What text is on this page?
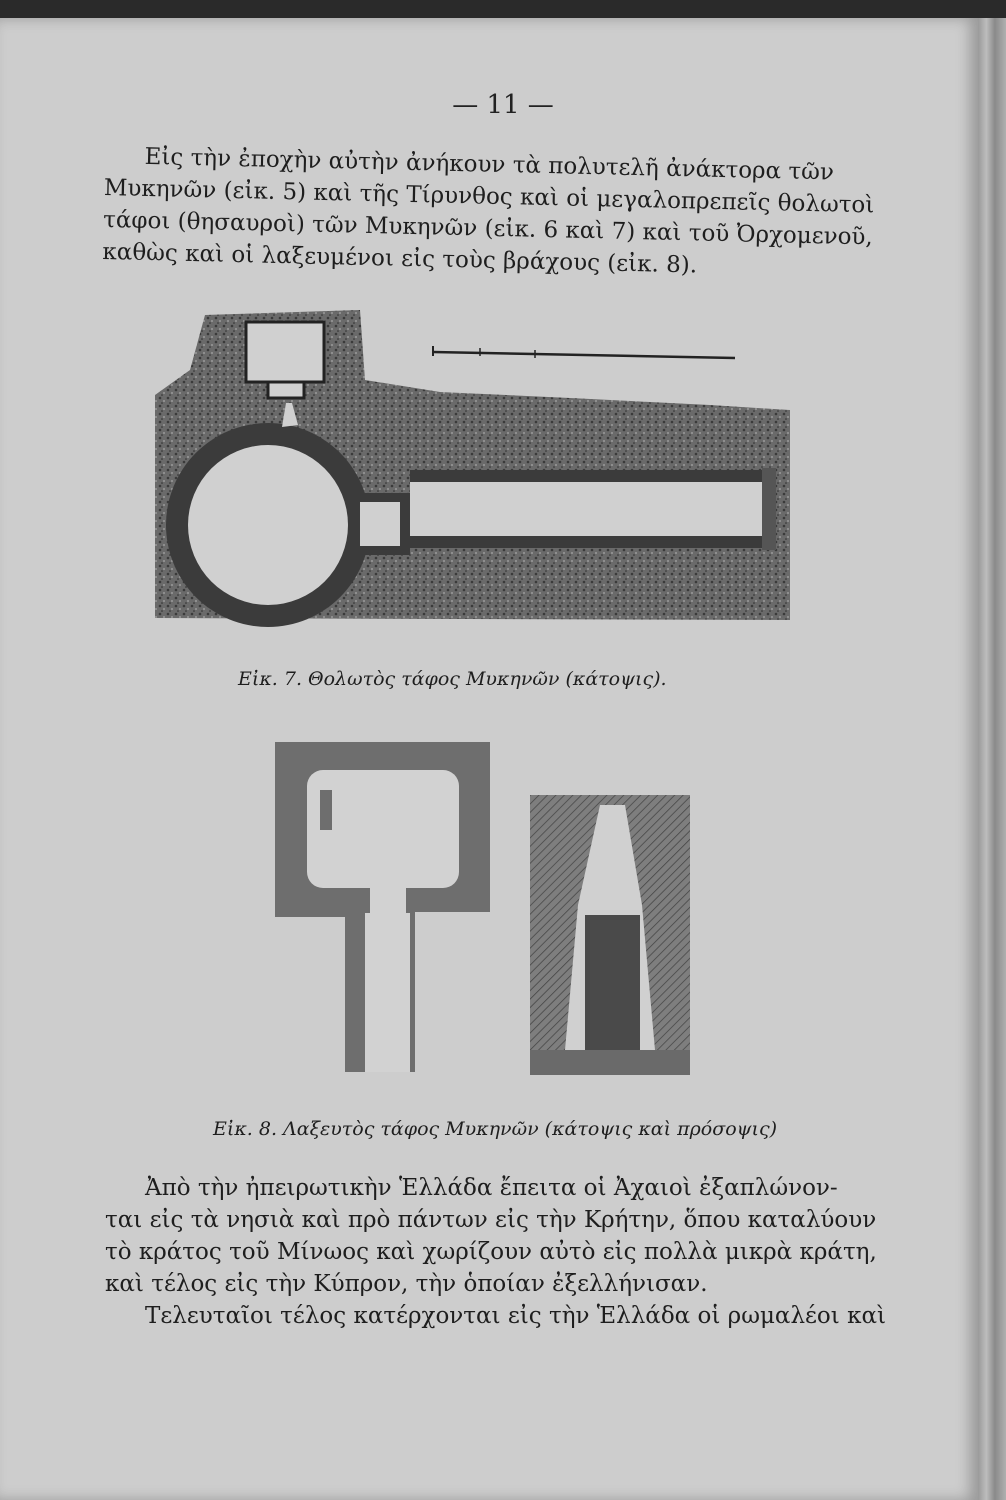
— 11 —
Εἰς τὴν ἐποχὴν αὐτὴν ἀνήκουν τὰ πολυτελῆ ἀνάκτορα τῶν
Μυκηνῶν (εἰκ. 5) καὶ τῆς Τίρυνθος καὶ οἱ μεγαλοπρεπεῖς θολωτοὶ
τάφοι (θησαυροὶ) τῶν Μυκηνῶν (εἰκ. 6 καὶ 7) καὶ τοῦ Ὀρχομενοῦ,
καθὼς καὶ οἱ λαξευμένοι εἰς τοὺς βράχους (εἰκ. 8).
Εἰκ. 7. Θολωτὸς τάφος Μυκηνῶν (κάτοψις).
Εἰκ. 8. Λαξευτὸς τάφος Μυκηνῶν (κάτοψις καὶ πρόσοψις)
Ἀπὸ τὴν ἠπειρωτικὴν Ἑλλάδα ἔπειτα οἱ Ἀχαιοὶ ἐξαπλώνον-
ται εἰς τὰ νησιὰ καὶ πρὸ πάντων εἰς τὴν Κρήτην, ὅπου καταλύουν
τὸ κράτος τοῦ Μίνωος καὶ χωρίζουν αὐτὸ εἰς πολλὰ μικρὰ κράτη,
καὶ τέλος εἰς τὴν Κύπρον, τὴν ὁποίαν ἐξελλήνισαν.
Τελευταῖοι τέλος κατέρχονται εἰς τὴν Ἑλλάδα οἱ ρωμαλέοι καὶ
